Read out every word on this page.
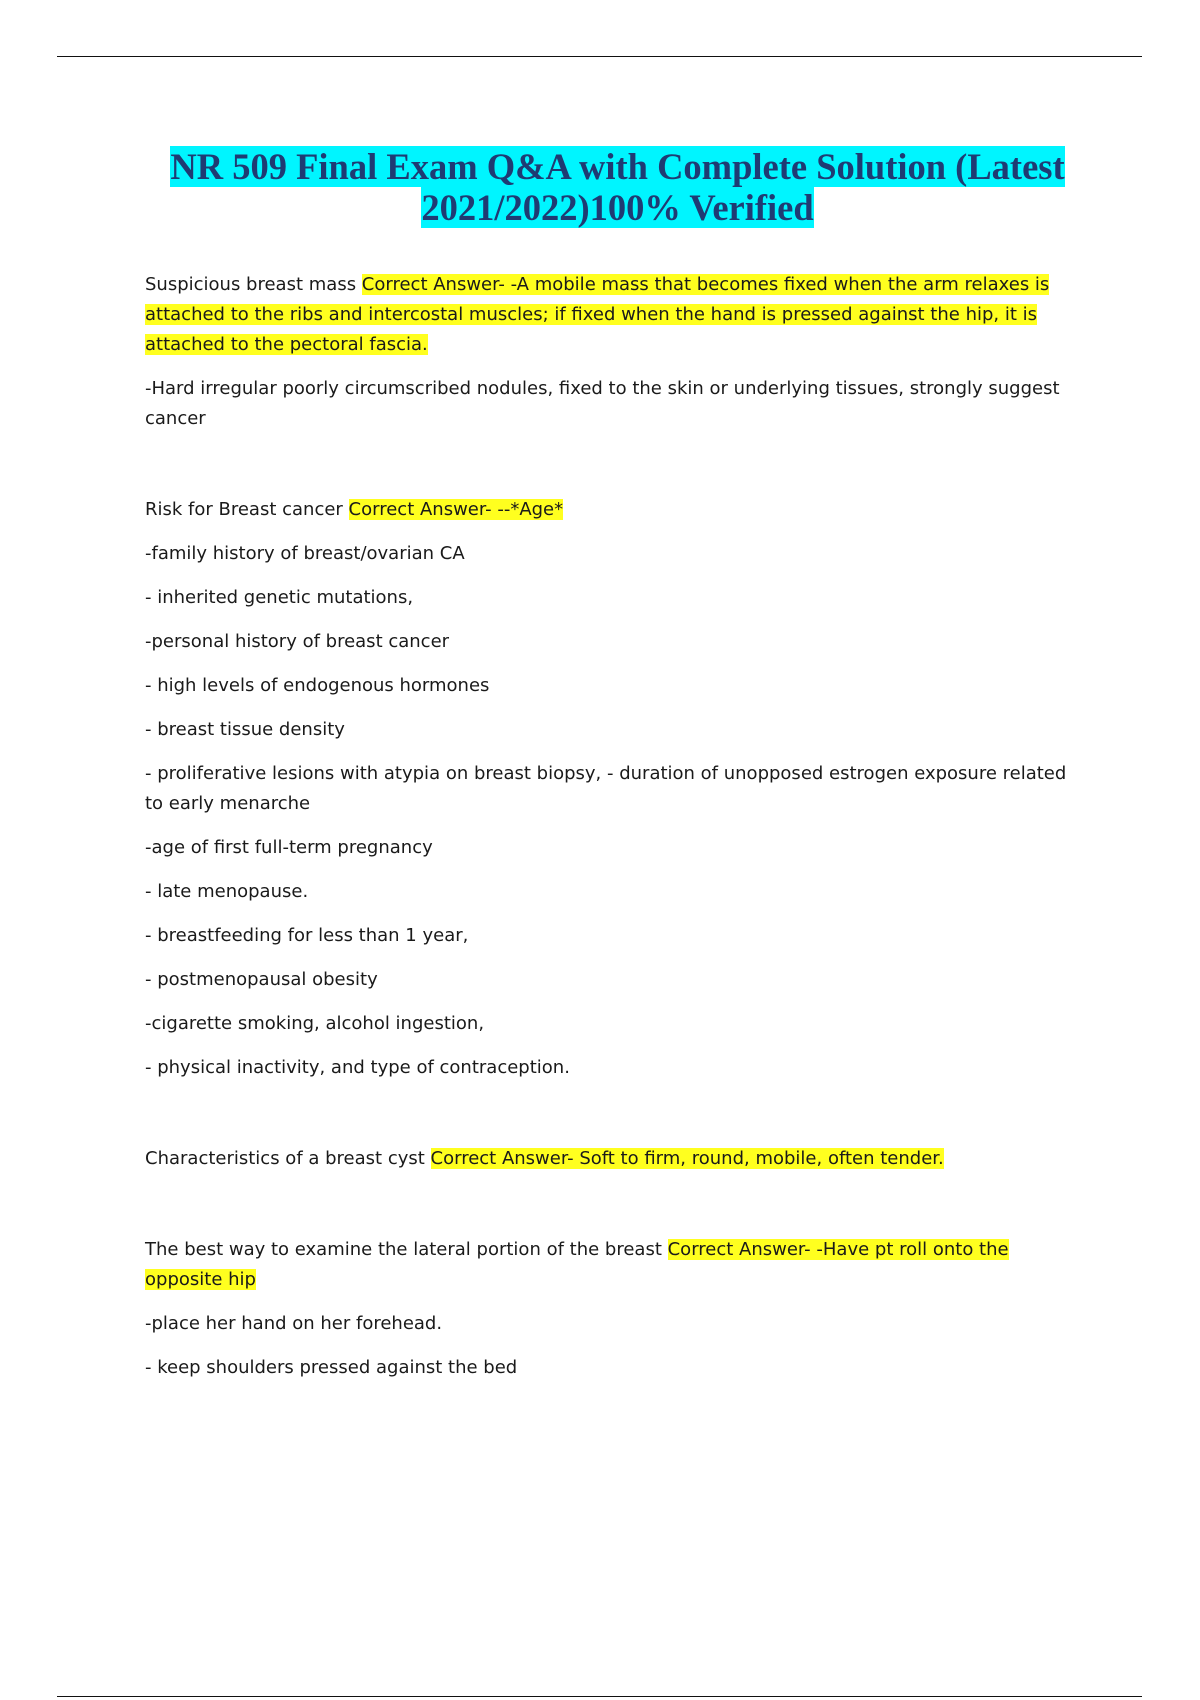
NR 509 Final Exam Q&A with Complete Solution (Latest
2021/2022)100% Verified

Suspicious breast mass Correct Answer- -A mobile mass that becomes fixed when the arm relaxes is attached to the ribs and intercostal muscles; if fixed when the hand is pressed against the hip, it is attached to the pectoral fascia.

-Hard irregular poorly circumscribed nodules, fixed to the skin or underlying tissues, strongly suggest cancer

Risk for Breast cancer Correct Answer- --*Age*

-family history of breast/ovarian CA

- inherited genetic mutations,

-personal history of breast cancer

- high levels of endogenous hormones

- breast tissue density

- proliferative lesions with atypia on breast biopsy, - duration of unopposed estrogen exposure related to early menarche

-age of first full-term pregnancy

- late menopause.

- breastfeeding for less than 1 year,

- postmenopausal obesity

-cigarette smoking, alcohol ingestion,

- physical inactivity, and type of contraception.

Characteristics of a breast cyst Correct Answer- Soft to firm, round, mobile, often tender.

The best way to examine the lateral portion of the breast Correct Answer- -Have pt roll onto the opposite hip

-place her hand on her forehead.

- keep shoulders pressed against the bed
